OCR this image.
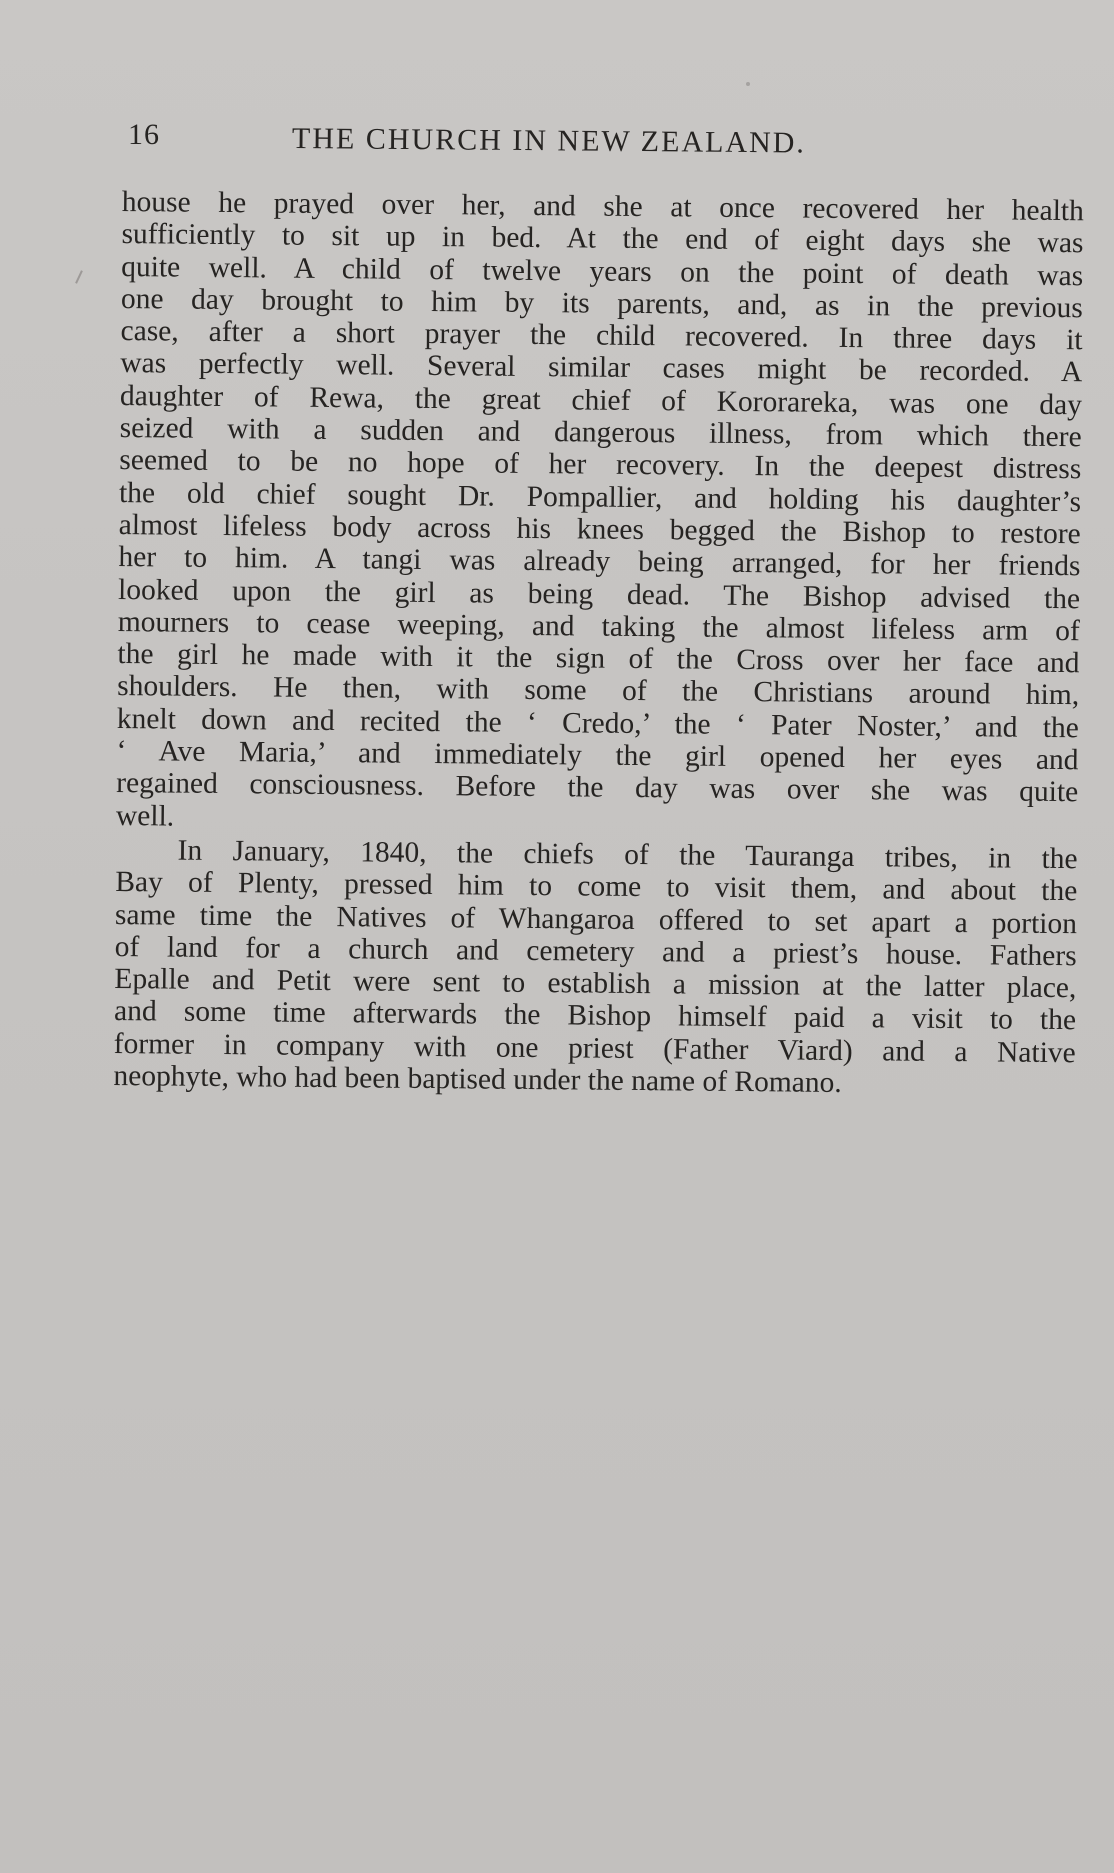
16	THE CHURCH IN NEW ZEALAND.
house he prayed over her, and she at once recovered her health
sufficiently to sit up in bed. At the end of eight days she was
quite well. A child of twelve years on the point of death was
one day brought to him by its parents, and, as in the previous
case, after a short prayer the child recovered. In three days it
was perfectly well. Several similar cases might be recorded. A
daughter of Rewa, the great chief of Kororareka, was one day
seized with a sudden and dangerous illness, from which there
seemed to be no hope of her recovery. In the deepest distress
the old chief sought Dr. Pompallier, and holding his daughter’s
almost lifeless body across his knees begged the Bishop to restore
her to him. A tangi was already being arranged, for her friends
looked upon the girl as being dead. The Bishop advised the
mourners to cease weeping, and taking the almost lifeless arm of
the girl he made with it the sign of the Cross over her face and
shoulders. He then, with some of the Christians around him,
knelt down and recited the ‘ Credo,’ the ‘ Pater Noster,’ and the
‘ Ave Maria,’ and immediately the girl opened her eyes and
regained consciousness. Before the day was over she was quite
well.
In January, 1840, the chiefs of the Tauranga tribes, in the
Bay of Plenty, pressed him to come to visit them, and about the
same time the Natives of Whangaroa offered to set apart a portion
of land for a church and cemetery and a priest’s house. Fathers
Epalle and Petit were sent to establish a mission at the latter place,
and some time afterwards the Bishop himself paid a visit to the
former in company with one priest (Father Viard) and a Native
neophyte, who had been baptised under the name of Romano.
